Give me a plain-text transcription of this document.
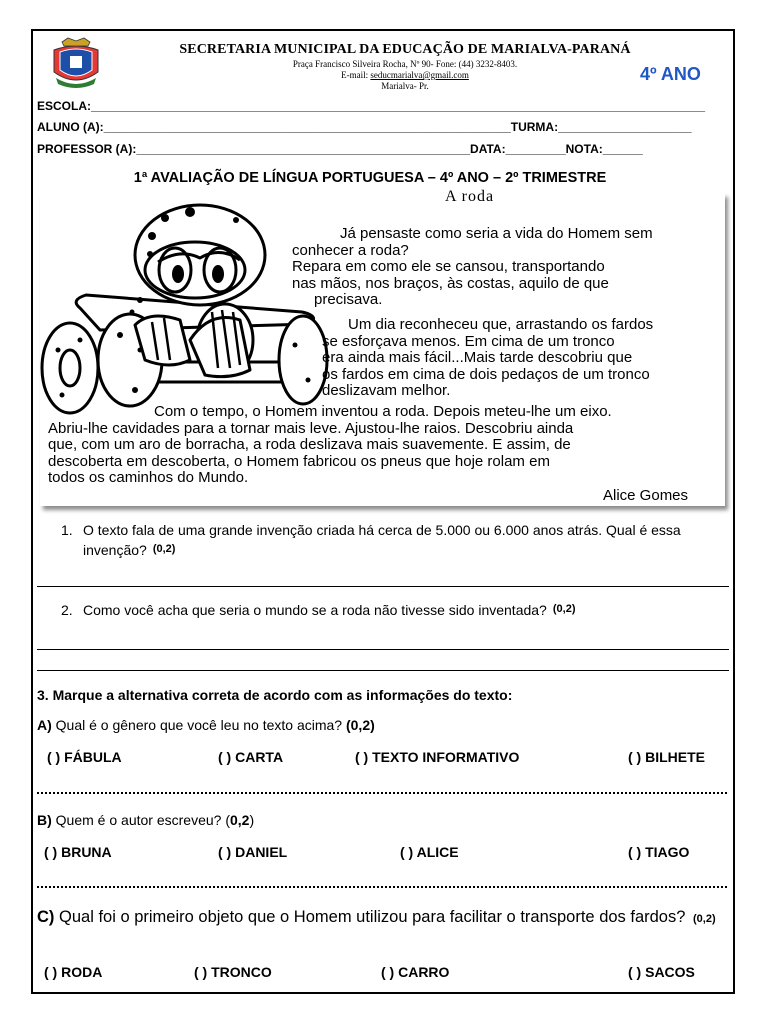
SECRETARIA MUNICIPAL DA EDUCAÇÃO DE MARIALVA-PARANÁ
Praça Francisco Silveira Rocha, Nº 90- Fone: (44) 3232-8403.
E-mail: seducmarialva@gmail.com
Marialva- Pr.
4º ANO
ESCOLA:____________________________________________________________________________________________
ALUNO (A):_____________________________________________________________TURMA:____________________
PROFESSOR (A):__________________________________________________DATA:_________NOTA:______
1ª AVALIAÇÃO DE LÍNGUA PORTUGUESA – 4º ANO – 2º TRIMESTRE
A roda
Já pensaste como seria a vida do Homem sem
conhecer a roda?
Repara em como ele se cansou, transportando
nas mãos, nos braços, às costas, aquilo de que
precisava.
Um dia reconheceu que, arrastando os fardos
se esforçava menos. Em cima de um tronco
era ainda mais fácil...Mais tarde descobriu que
os fardos em cima de dois pedaços de um tronco
deslizavam melhor.
Com o tempo, o Homem inventou a roda. Depois meteu-lhe um eixo.
Abriu-lhe cavidades para a tornar mais leve. Ajustou-lhe raios. Descobriu ainda
que, com um aro de borracha, a roda deslizava mais suavemente. E assim, de
descoberta em descoberta, o Homem fabricou os pneus que hoje rolam em
todos os caminhos do Mundo.
Alice Gomes
1. O texto fala de uma grande invenção criada há cerca de 5.000 ou 6.000 anos atrás. Qual é essa invenção? $^{(0,2)}$
2. Como você acha que seria o mundo se a roda não tivesse sido inventada? $^{(0,2)}$
3. Marque a alternativa correta de acordo com as informações do texto:
A) Qual é o gênero que você leu no texto acima? (0,2)
( ) FÁBULA	( ) CARTA	( ) TEXTO INFORMATIVO	( ) BILHETE
B) Quem é o autor escreveu? (0,2)
( ) BRUNA	( ) DANIEL	( ) ALICE	( ) TIAGO
C) Qual foi o primeiro objeto que o Homem utilizou para facilitar o transporte dos fardos? (0,2)
( ) RODA	( ) TRONCO	( ) CARRO	( ) SACOS
